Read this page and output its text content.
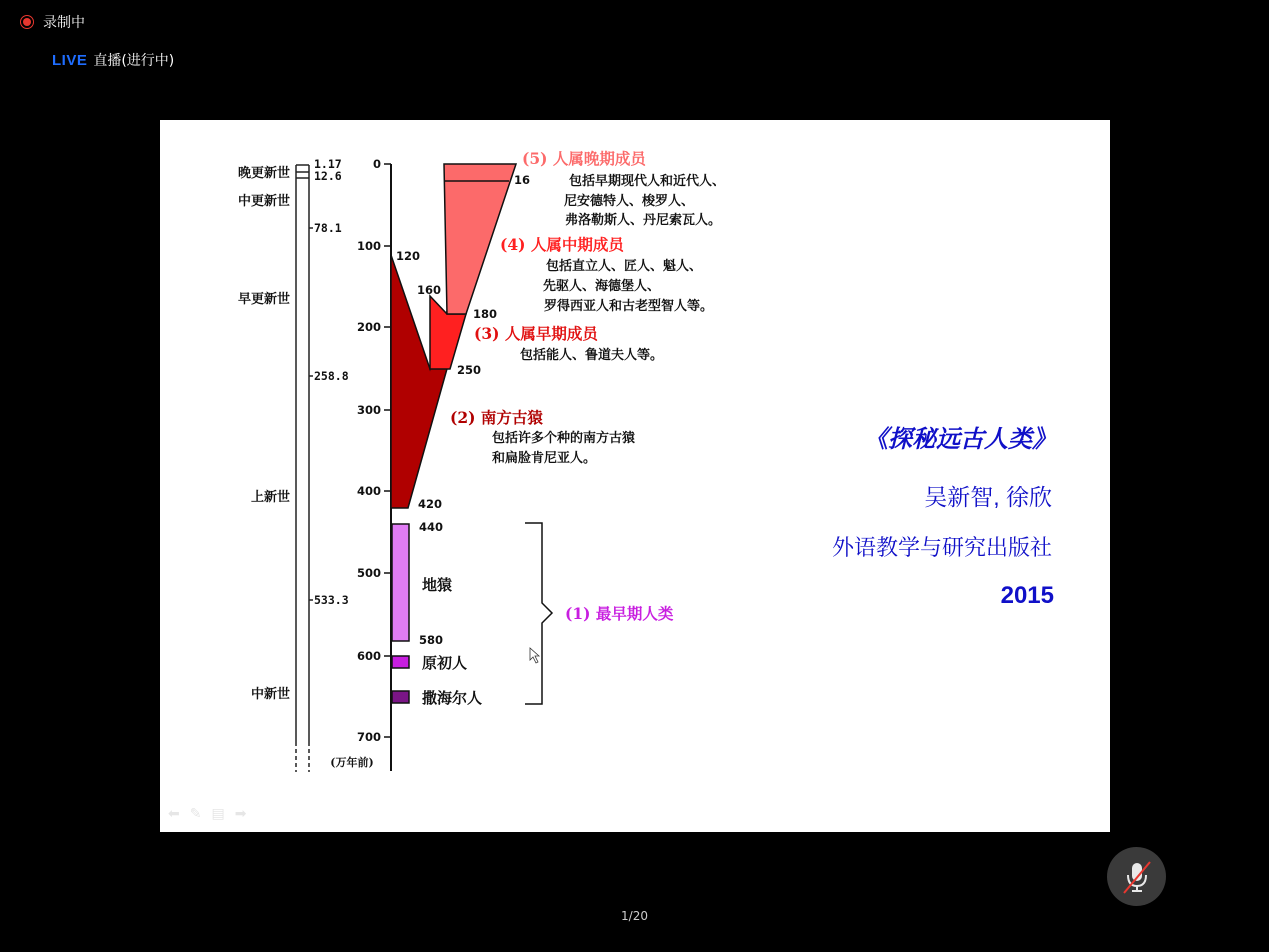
录制中
LIVE 直播(进行中)
晚更新世
中更新世
早更新世
上新世
中新世
1.17
12.6
78.1
258.8
533.3
0
100
200
300
400
500
600
700
(万年前)
16
120
160
180
250
420
440
580
(5) 人属晚期成员
包括早期现代人和近代人、
尼安德特人、梭罗人、
弗洛勒斯人、丹尼索瓦人。
(4) 人属中期成员
包括直立人、匠人、魁人、
先驱人、海德堡人、
罗得西亚人和古老型智人等。
(3) 人属早期成员
包括能人、鲁道夫人等。
(2) 南方古猿
包括许多个种的南方古猿
和扁脸肯尼亚人。
(1) 最早期人类
地猿
原初人
撒海尔人
《探秘远古人类》
吴新智, 徐欣
外语教学与研究出版社
2015
⬅ ✎ ▤ ➡
1/20
